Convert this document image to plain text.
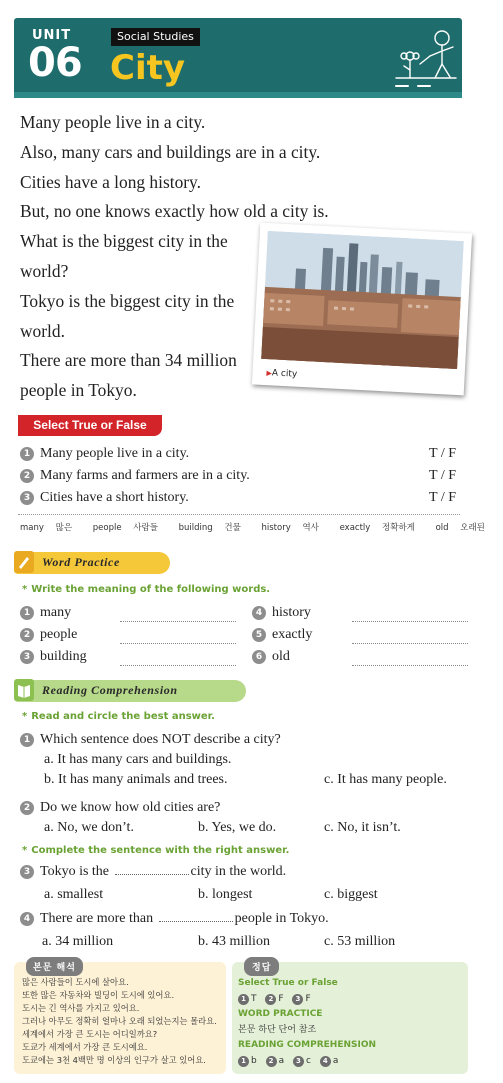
UNIT
06
Social Studies
City

Many people live in a city.

Also, many cars and buildings are in a city.

Cities have a long history.

But, no one knows exactly how old a city is.

What is the biggest city in the

world?

Tokyo is the biggest city in the

world.

There are more than 34 million

people in Tokyo.

▶A city
Select True or False
1 Many people live in a city.	T / F
2 Many farms and farmers are in a city.	T / F
3 Cities have a short history.	T / F
many 많은 people 사람들 building 건물 history 역사 exactly 정확하게 old 오래된
Word Practice
* Write the meaning of the following words.
1 many
2 people
3 building
4 history
5 exactly
6 old
Reading Comprehension
* Read and circle the best answer.
1 Which sentence does NOT describe a city?
a. It has many cars and buildings.
b. It has many animals and trees.	c. It has many people.
2 Do we know how old cities are?
a. No, we don’t.	b. Yes, we do.	c. No, it isn’t.
* Complete the sentence with the right answer.
3 Tokyo is the	city in the world.
a. smallest	b. longest	c. biggest
4 There are more than	people in Tokyo.
a. 34 million	b. 43 million	c. 53 million
본문 해석
많은 사람들이 도시에 살아요.
또한 많은 자동차와 빌딩이 도시에 있어요.
도시는 긴 역사를 가지고 있어요.
그러나 아무도 정확히 얼마나 오래 되었는지는 몰라요.
세계에서 가장 큰 도시는 어디일까요?
도쿄가 세계에서 가장 큰 도시예요.
도쿄에는 3천 4백만 명 이상의 인구가 살고 있어요.
정답
Select True or False
1 T 2 F 3 F
WORD PRACTICE
본문 하단 단어 참조
READING COMPREHENSION
1 b 2 a 3 c 4 a
